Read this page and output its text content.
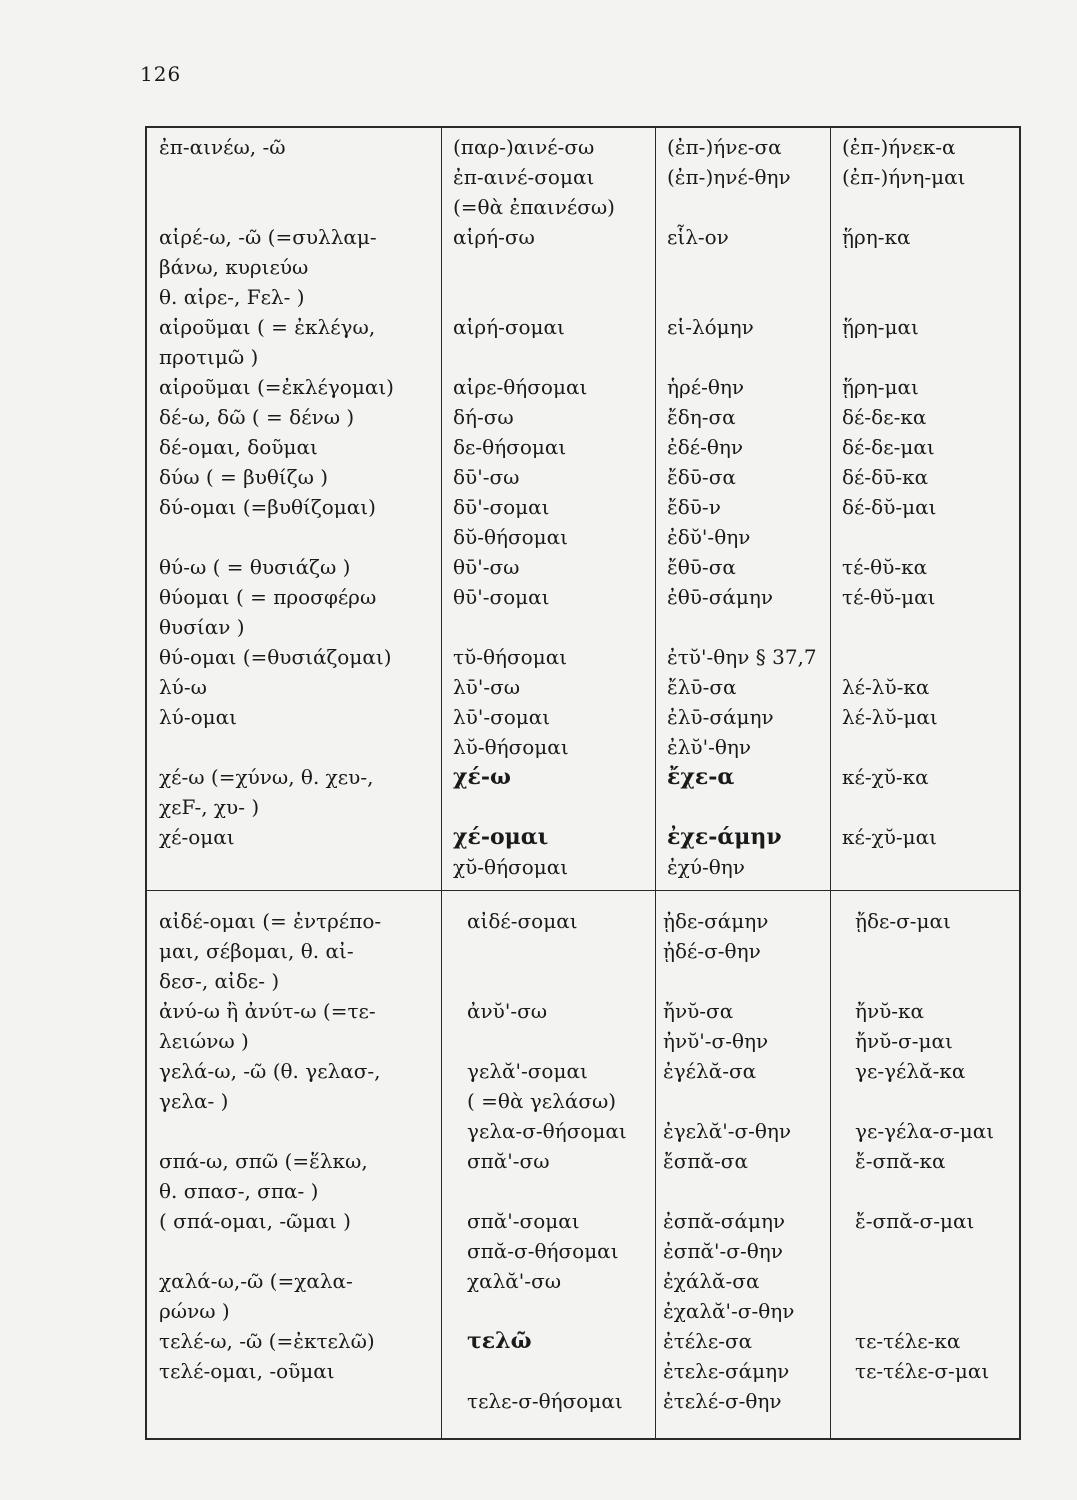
126
ἐπ-αινέω, -ῶ
αἱρέ-ω, -ῶ (=συλλαμ-
βάνω, κυριεύω
θ. αἱρε-, Fελ- )
αἱροῦμαι ( = ἐκλέγω,
προτιμῶ )
αἱροῦμαι (=ἐκλέγομαι)
δέ-ω, δῶ ( = δένω )
δέ-ομαι, δοῦμαι
δύω ( = βυθίζω )
δύ-ομαι (=βυθίζομαι)
θύ-ω ( = θυσιάζω )
θύομαι ( = προσφέρω
θυσίαν )
θύ-ομαι (=θυσιάζομαι)
λύ-ω
λύ-ομαι
χέ-ω (=χύνω, θ. χευ-,
χεF-, χυ- )
χέ-ομαι
(παρ-)αινέ-σω
ἐπ-αινέ-σομαι
(=θὰ ἐπαινέσω)
αἱρή-σω
αἱρή-σομαι
αἱρε-θήσομαι
δή-σω
δε-θήσομαι
δῡ'-σω
δῡ'-σομαι
δῠ-θήσομαι
θῡ'-σω
θῡ'-σομαι
τῠ-θήσομαι
λῡ'-σω
λῡ'-σομαι
λῠ-θήσομαι
χέ-ω
χέ-ομαι
χῠ-θήσομαι
(ἐπ-)ήνε-σα
(ἐπ-)ηνέ-θην
εἷλ-ον
εἱ-λόμην
ἡρέ-θην
ἔδη-σα
ἐδέ-θην
ἔδῡ-σα
ἔδῡ-ν
ἐδῠ'-θην
ἔθῡ-σα
ἐθῡ-σάμην
ἐτῠ'-θην § 37,7
ἔλῡ-σα
ἐλῡ-σάμην
ἐλῠ'-θην
ἔχε-α
ἐχε-άμην
ἐχύ-θην
(ἐπ-)ήνεκ-α
(ἐπ-)ήνη-μαι
ᾕρη-κα
ᾕρη-μαι
ᾕρη-μαι
δέ-δε-κα
δέ-δε-μαι
δέ-δῡ-κα
δέ-δῠ-μαι
τέ-θῠ-κα
τέ-θῠ-μαι
λέ-λῠ-κα
λέ-λῠ-μαι
κέ-χῠ-κα
κέ-χῠ-μαι
αἰδέ-ομαι (= ἐντρέπο-
μαι, σέβομαι, θ. αἰ-
δεσ-, αἰδε- )
ἀνύ-ω ἢ ἀνύτ-ω (=τε-
λειώνω )
γελά-ω, -ῶ (θ. γελασ-,
γελα- )
σπά-ω, σπῶ (=ἕλκω,
θ. σπασ-, σπα- )
( σπά-ομαι, -ῶμαι )
χαλά-ω,-ῶ (=χαλα-
ρώνω )
τελέ-ω, -ῶ (=ἐκτελῶ)
τελέ-ομαι, -οῦμαι
αἰδέ-σομαι
ἀνῠ'-σω
γελᾰ'-σομαι
( =θὰ γελάσω)
γελα-σ-θήσομαι
σπᾰ'-σω
σπᾰ'-σομαι
σπᾰ-σ-θήσομαι
χαλᾰ'-σω
τελῶ
τελε-σ-θήσομαι
ᾐδε-σάμην
ᾐδέ-σ-θην
ἤνῠ-σα
ἠνῠ'-σ-θην
ἐγέλᾰ-σα
ἐγελᾰ'-σ-θην
ἔσπᾰ-σα
ἐσπᾰ-σάμην
ἐσπᾰ'-σ-θην
ἐχάλᾰ-σα
ἐχαλᾰ'-σ-θην
ἐτέλε-σα
ἐτελε-σάμην
ἐτελέ-σ-θην
ᾔδε-σ-μαι
ἤνῠ-κα
ἤνῠ-σ-μαι
γε-γέλᾰ-κα
γε-γέλα-σ-μαι
ἔ-σπᾰ-κα
ἔ-σπᾰ-σ-μαι
τε-τέλε-κα
τε-τέλε-σ-μαι
